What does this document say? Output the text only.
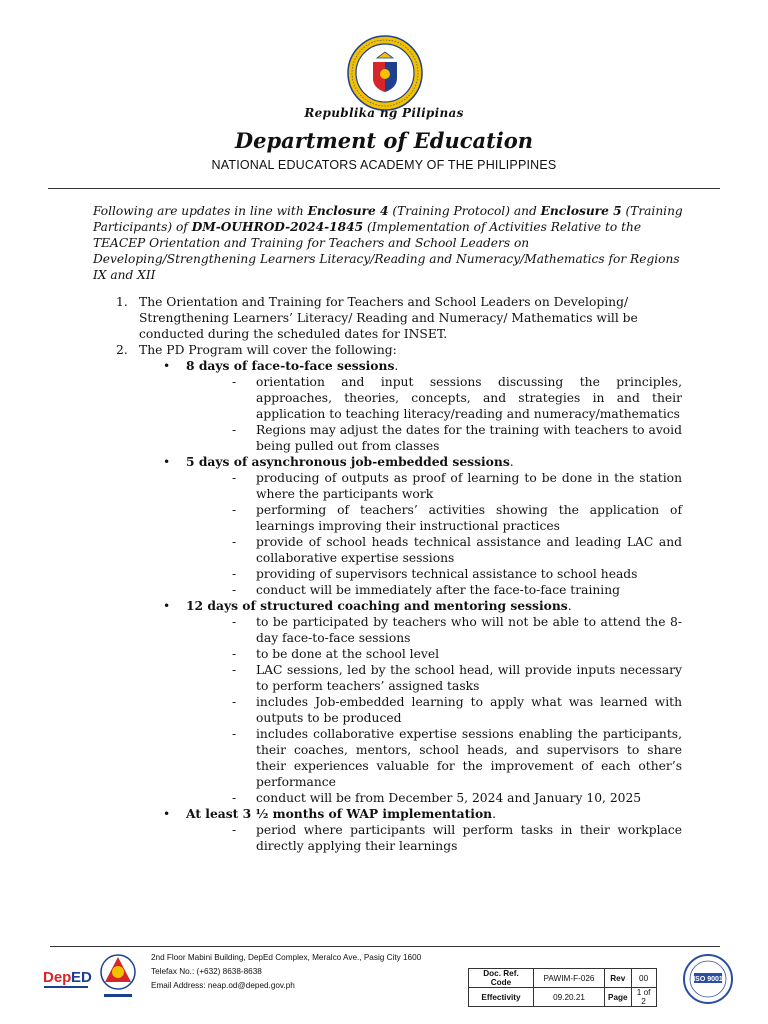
Republika ng Pilipinas
Department of Education
NATIONAL EDUCATORS ACADEMY OF THE PHILIPPINES
Following are updates in line with Enclosure 4 (Training Protocol) and Enclosure 5 (Training Participants) of DM-OUHROD-2024-1845 (Implementation of Activities Relative to the TEACEP Orientation and Training for Teachers and School Leaders on Developing/Strengthening Learners Literacy/Reading and Numeracy/Mathematics for Regions IX and XII
1. The Orientation and Training for Teachers and School Leaders on Developing/ Strengthening Learners’ Literacy/ Reading and Numeracy/ Mathematics will be conducted during the scheduled dates for INSET.
2. The PD Program will cover the following:
• 8 days of face-to-face sessions.
- orientation and input sessions discussing the principles, approaches, theories, concepts, and strategies in and their application to teaching literacy/reading and numeracy/mathematics
- Regions may adjust the dates for the training with teachers to avoid being pulled out from classes
• 5 days of asynchronous job-embedded sessions.
- producing of outputs as proof of learning to be done in the station where the participants work
- performing of teachers’ activities showing the application of learnings improving their instructional practices
- provide of school heads technical assistance and leading LAC and collaborative expertise sessions
- providing of supervisors technical assistance to school heads
- conduct will be immediately after the face-to-face training
• 12 days of structured coaching and mentoring sessions.
- to be participated by teachers who will not be able to attend the 8-day face-to-face sessions
- to be done at the school level
- LAC sessions, led by the school head, will provide inputs necessary to perform teachers’ assigned tasks
- includes Job-embedded learning to apply what was learned with outputs to be produced
- includes collaborative expertise sessions enabling the participants, their coaches, mentors, school heads, and supervisors to share their experiences valuable for the improvement of each other’s performance
- conduct will be from December 5, 2024 and January 10, 2025
• At least 3 ½ months of WAP implementation.
- period where participants will perform tasks in their workplace directly applying their learnings
Dep ED
2nd Floor Mabini Building, DepEd Complex, Meralco Ave., Pasig City 1600
Telefax No.: (+632) 8638-8638
Email Address: neap.od@deped.gov.ph
Doc. Ref. Code	PAWIM-F-026	Rev	00
Effectivity	09.20.21	Page	1 of 2
ISO 9001
